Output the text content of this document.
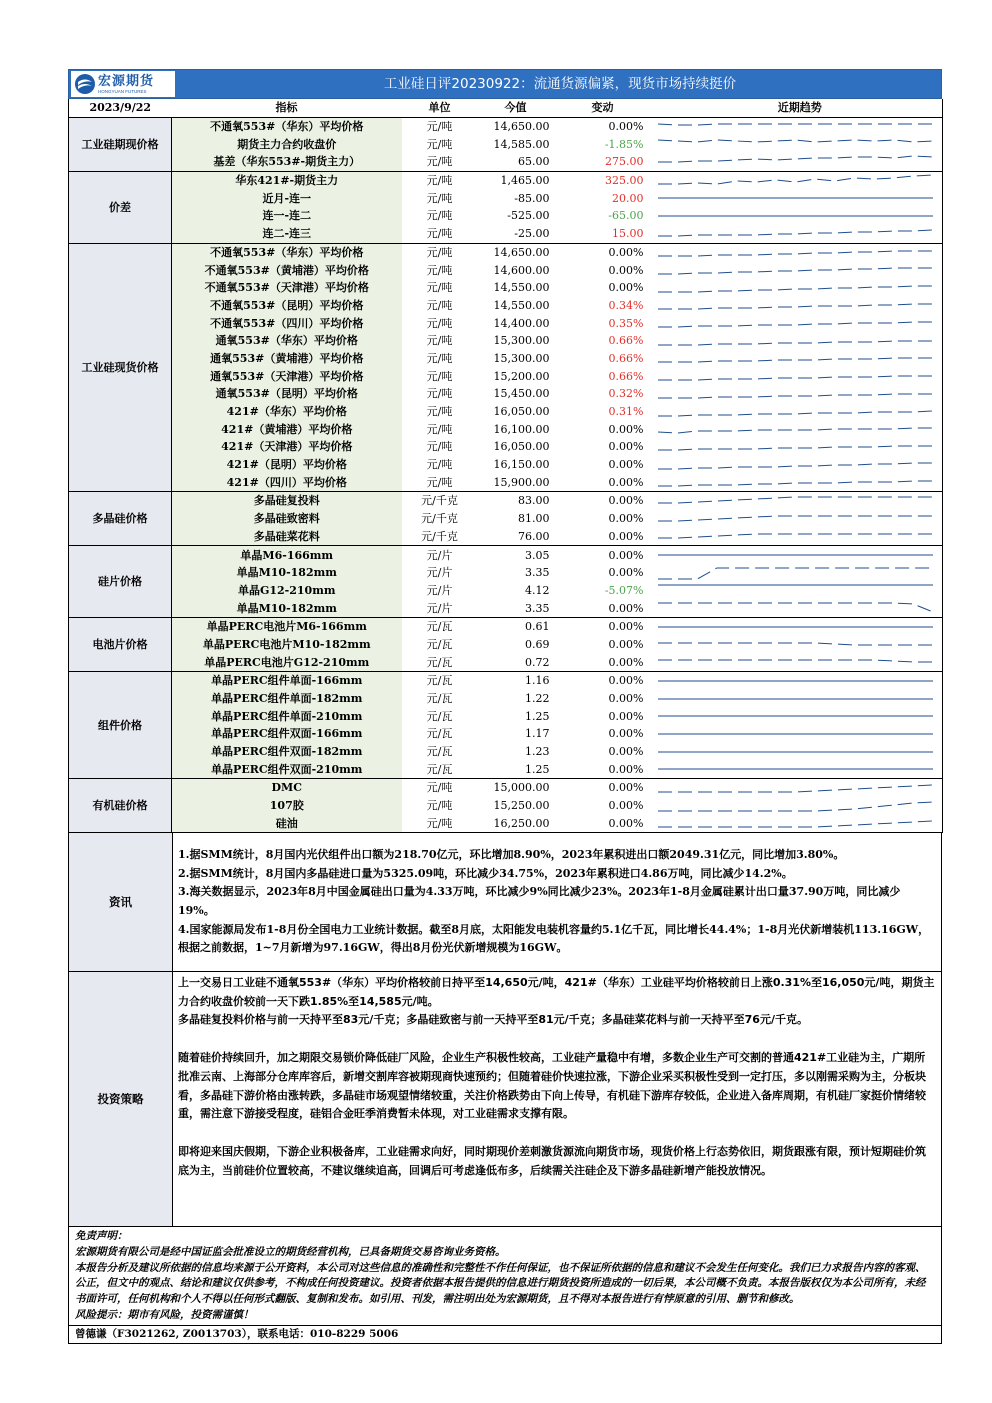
宏源期货
HONGYUAN FUTURES	工业硅日评20230922：流通货源偏紧，现货市场持续挺价
2023/9/22	指标	单位	今值	变动	近期趋势
工业硅期现价格	不通氧553#（华东）平均价格	元/吨	14,650.00	0.00%	

	期货主力合约收盘价	元/吨	14,585.00	-1.85%	

	基差（华东553#-期货主力）	元/吨	65.00	275.00	

价差	华东421#-期货主力	元/吨	1,465.00	325.00	

	近月-连一	元/吨	-85.00	20.00	

	连一-连二	元/吨	-525.00	-65.00	

	连二-连三	元/吨	-25.00	15.00	

工业硅现货价格	不通氧553#（华东）平均价格	元/吨	14,650.00	0.00%	

	不通氧553#（黄埔港）平均价格	元/吨	14,600.00	0.00%	

	不通氧553#（天津港）平均价格	元/吨	14,550.00	0.00%	

	不通氧553#（昆明）平均价格	元/吨	14,550.00	0.34%	

	不通氧553#（四川）平均价格	元/吨	14,400.00	0.35%	

	通氧553#（华东）平均价格	元/吨	15,300.00	0.66%	

	通氧553#（黄埔港）平均价格	元/吨	15,300.00	0.66%	

	通氧553#（天津港）平均价格	元/吨	15,200.00	0.66%	

	通氧553#（昆明）平均价格	元/吨	15,450.00	0.32%	

	421#（华东）平均价格	元/吨	16,050.00	0.31%	

	421#（黄埔港）平均价格	元/吨	16,100.00	0.00%	

	421#（天津港）平均价格	元/吨	16,050.00	0.00%	

	421#（昆明）平均价格	元/吨	16,150.00	0.00%	

	421#（四川）平均价格	元/吨	15,900.00	0.00%	

多晶硅价格	多晶硅复投料	元/千克	83.00	0.00%	

	多晶硅致密料	元/千克	81.00	0.00%	

	多晶硅菜花料	元/千克	76.00	0.00%	

硅片价格	单晶M6-166mm	元/片	3.05	0.00%	

	单晶M10-182mm	元/片	3.35	0.00%	

	单晶G12-210mm	元/片	4.12	-5.07%	

	单晶M10-182mm	元/片	3.35	0.00%	

电池片价格	单晶PERC电池片M6-166mm	元/瓦	0.61	0.00%	

	单晶PERC电池片M10-182mm	元/瓦	0.69	0.00%	

	单晶PERC电池片G12-210mm	元/瓦	0.72	0.00%	

组件价格	单晶PERC组件单面-166mm	元/瓦	1.16	0.00%	

	单晶PERC组件单面-182mm	元/瓦	1.22	0.00%	

	单晶PERC组件单面-210mm	元/瓦	1.25	0.00%	

	单晶PERC组件双面-166mm	元/瓦	1.17	0.00%	

	单晶PERC组件双面-182mm	元/瓦	1.23	0.00%	

	单晶PERC组件双面-210mm	元/瓦	1.25	0.00%	

有机硅价格	DMC	元/吨	15,000.00	0.00%	

	107胶	元/吨	15,250.00	0.00%	

	硅油	元/吨	16,250.00	0.00%	
资讯

1.据SMM统计，8月国内光伏组件出口额为218.70亿元，环比增加8.90%，2023年累积进出口额2049.31亿元，同比增加3.80%。

2.据SMM统计，8月国内多晶硅进口量为5325.09吨，环比减少34.75%，2023年累积进口4.86万吨，同比减少14.2%。

3.海关数据显示，2023年8月中国金属硅出口量为4.33万吨，环比减少9%同比减少23%。2023年1-8月金属硅累计出口量37.90万吨，同比减少19%。

4.国家能源局发布1-8月份全国电力工业统计数据。截至8月底，太阳能发电装机容量约5.1亿千瓦，同比增长44.4%；1-8月光伏新增装机113.16GW，根据之前数据，1~7月新增为97.16GW，得出8月份光伏新增规模为16GW。

投资策略

上一交易日工业硅不通氧553#（华东）平均价格较前日持平至14,650元/吨，421#（华东）工业硅平均价格较前日上涨0.31%至16,050元/吨，期货主力合约收盘价较前一天下跌1.85%至14,585元/吨。

多晶硅复投料价格与前一天持平至83元/千克；多晶硅致密与前一天持平至81元/千克；多晶硅菜花料与前一天持平至76元/千克。

随着硅价持续回升，加之期限交易锁价降低硅厂风险，企业生产积极性较高，工业硅产量稳中有增，多数企业生产可交割的普通421#工业硅为主，广期所批准云南、上海部分仓库库容后，新增交割库容被期现商快速预约；但随着硅价快速拉涨，下游企业采买积极性受到一定打压，多以刚需采购为主，分板块看，多晶硅下游价格由涨转跌，多晶硅市场观望情绪较重，关注价格跌势由下向上传导，有机硅下游库存较低，企业进入备库周期，有机硅厂家挺价情绪较重，需注意下游接受程度，硅铝合金旺季消费暂未体现，对工业硅需求支撑有限。

即将迎来国庆假期，下游企业积极备库，工业硅需求向好，同时期现价差刺激货源流向期货市场，现货价格上行态势依旧，期货跟涨有限，预计短期硅价筑底为主，当前硅价位置较高，不建议继续追高，回调后可考虑逢低布多，后续需关注硅企及下游多晶硅新增产能投放情况。

免责声明：
宏源期货有限公司是经中国证监会批准设立的期货经营机构，已具备期货交易咨询业务资格。
本报告分析及建议所依据的信息均来源于公开资料，本公司对这些信息的准确性和完整性不作任何保证，也不保证所依据的信息和建议不会发生任何变化。我们已力求报告内容的客观、公正，但文中的观点、结论和建议仅供参考，不构成任何投资建议。投资者依据本报告提供的信息进行期货投资所造成的一切后果，本公司概不负责。本报告版权仅为本公司所有，未经书面许可，任何机构和个人不得以任何形式翻版、复制和发布。如引用、刊发，需注明出处为宏源期货，且不得对本报告进行有悖原意的引用、删节和修改。
风险提示：期市有风险，投资需谨慎！
曾德谦（F3021262, Z0013703），联系电话：010-8229 5006
